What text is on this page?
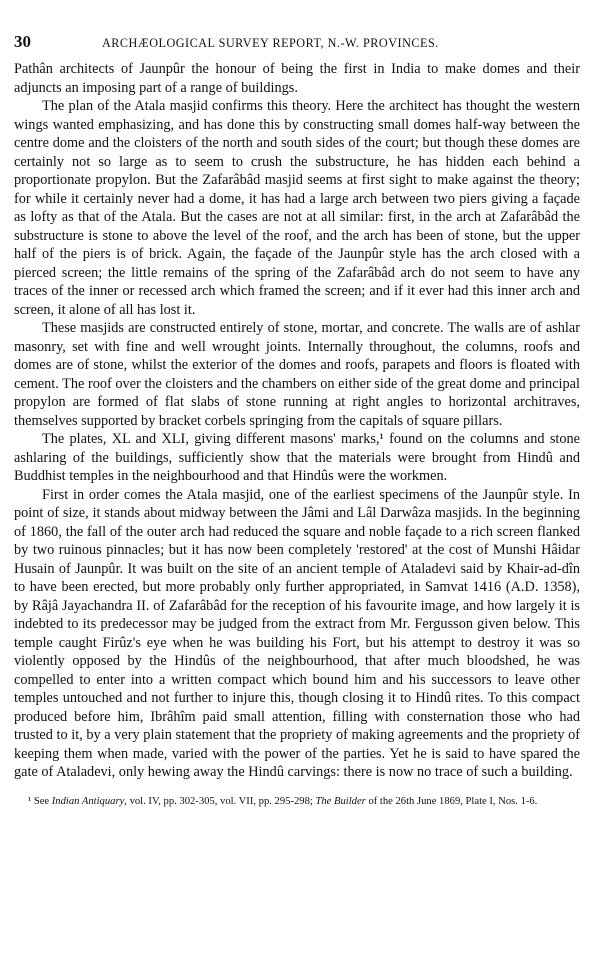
30	ARCHÆOLOGICAL SURVEY REPORT, N.-W. PROVINCES.

Pathân architects of Jaunpûr the honour of being the first in India to make domes and their adjuncts an imposing part of a range of buildings.

The plan of the Atala masjid confirms this theory. Here the architect has thought the western wings wanted emphasizing, and has done this by constructing small domes half-way between the centre dome and the cloisters of the north and south sides of the court; but though these domes are certainly not so large as to seem to crush the substructure, he has hidden each behind a proportionate propylon. But the Zafarâbâd masjid seems at first sight to make against the theory; for while it certainly never had a dome, it has had a large arch between two piers giving a façade as lofty as that of the Atala. But the cases are not at all similar: first, in the arch at Zafarâbâd the substructure is stone to above the level of the roof, and the arch has been of stone, but the upper half of the piers is of brick. Again, the façade of the Jaunpûr style has the arch closed with a pierced screen; the little remains of the spring of the Zafarâbâd arch do not seem to have any traces of the inner or recessed arch which framed the screen; and if it ever had this inner arch and screen, it alone of all has lost it.

These masjids are constructed entirely of stone, mortar, and concrete. The walls are of ashlar masonry, set with fine and well wrought joints. Internally throughout, the columns, roofs and domes are of stone, whilst the exterior of the domes and roofs, parapets and floors is floated with cement. The roof over the cloisters and the chambers on either side of the great dome and principal propylon are formed of flat slabs of stone running at right angles to horizontal architraves, themselves supported by bracket corbels springing from the capitals of square pillars.

The plates, XL and XLI, giving different masons' marks,¹ found on the columns and stone ashlaring of the buildings, sufficiently show that the materials were brought from Hindû and Buddhist temples in the neighbourhood and that Hindûs were the workmen.

First in order comes the Atala masjid, one of the earliest specimens of the Jaunpûr style. In point of size, it stands about midway between the Jâmi and Lâl Darwâza masjids. In the beginning of 1860, the fall of the outer arch had reduced the square and noble façade to a rich screen flanked by two ruinous pinnacles; but it has now been completely 'restored' at the cost of Munshi Hâidar Husain of Jaunpûr. It was built on the site of an ancient temple of Ataladevi said by Khair-ad-dîn to have been erected, but more probably only further appropriated, in Samvat 1416 (A.D. 1358), by Râjâ Jayachandra II. of Zafarâbâd for the reception of his favourite image, and how largely it is indebted to its predecessor may be judged from the extract from Mr. Fergusson given below. This temple caught Firûz's eye when he was building his Fort, but his attempt to destroy it was so violently opposed by the Hindûs of the neighbourhood, that after much bloodshed, he was compelled to enter into a written compact which bound him and his successors to leave other temples untouched and not further to injure this, though closing it to Hindû rites. To this compact produced before him, Ibrâhîm paid small attention, filling with consternation those who had trusted to it, by a very plain statement that the propriety of making agreements and the propriety of keeping them when made, varied with the power of the parties. Yet he is said to have spared the gate of Ataladevi, only hewing away the Hindû carvings: there is now no trace of such a building.

¹ See Indian Antiquary, vol. IV, pp. 302-305, vol. VII, pp. 295-298; The Builder of the 26th June 1869, Plate I, Nos. 1-6.
